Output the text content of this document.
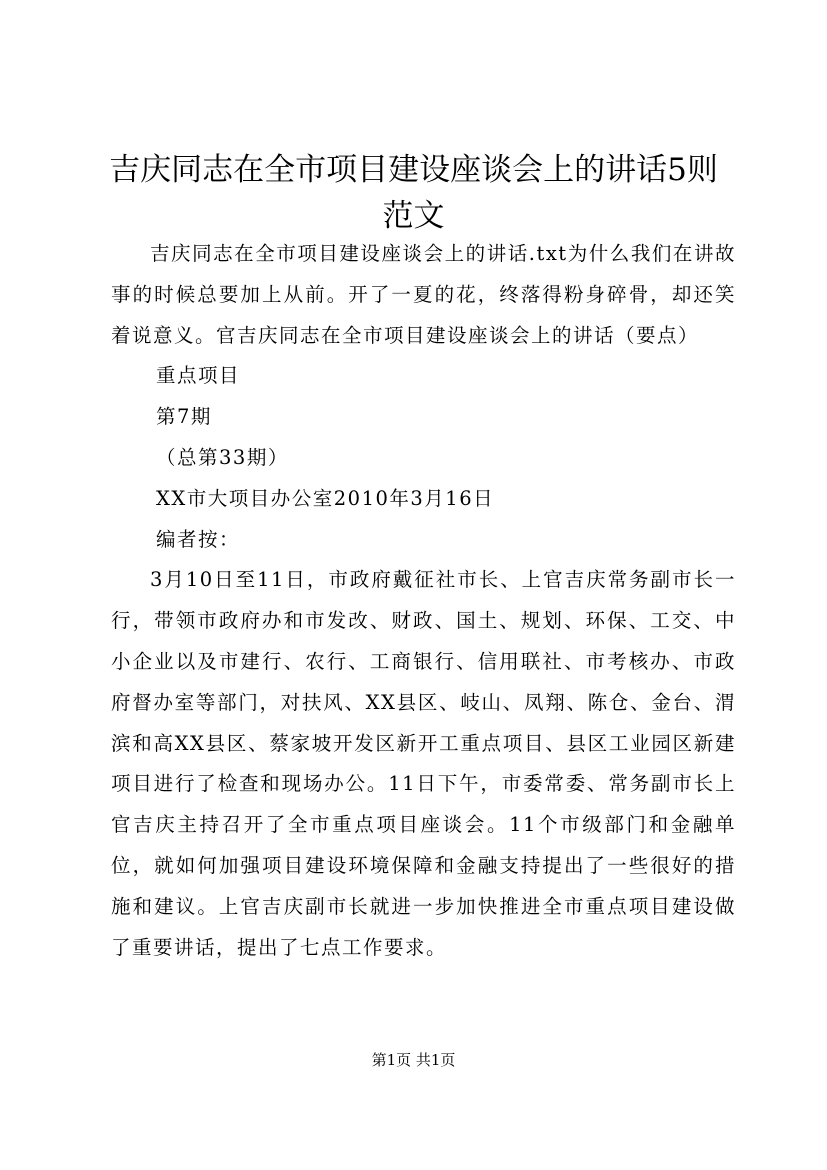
吉庆同志在全市项目建设座谈会上的讲话5则
范文

吉庆同志在全市项目建设座谈会上的讲话.txt为什么我们在讲故事的时候总要加上从前。开了一夏的花，终落得粉身碎骨，却还笑着说意义。官吉庆同志在全市项目建设座谈会上的讲话（要点）

重点项目

第7期

（总第33期）

XX市大项目办公室2010年3月16日

编者按：

3月10日至11日，市政府戴征社市长、上官吉庆常务副市长一行，带领市政府办和市发改、财政、国土、规划、环保、工交、中小企业以及市建行、农行、工商银行、信用联社、市考核办、市政府督办室等部门，对扶风、XX县区、岐山、凤翔、陈仓、金台、渭滨和高XX县区、蔡家坡开发区新开工重点项目、县区工业园区新建项目进行了检查和现场办公。11日下午，市委常委、常务副市长上官吉庆主持召开了全市重点项目座谈会。11个市级部门和金融单位，就如何加强项目建设环境保障和金融支持提出了一些很好的措施和建议。上官吉庆副市长就进一步加快推进全市重点项目建设做了重要讲话，提出了七点工作要求。

第1页 共1页
